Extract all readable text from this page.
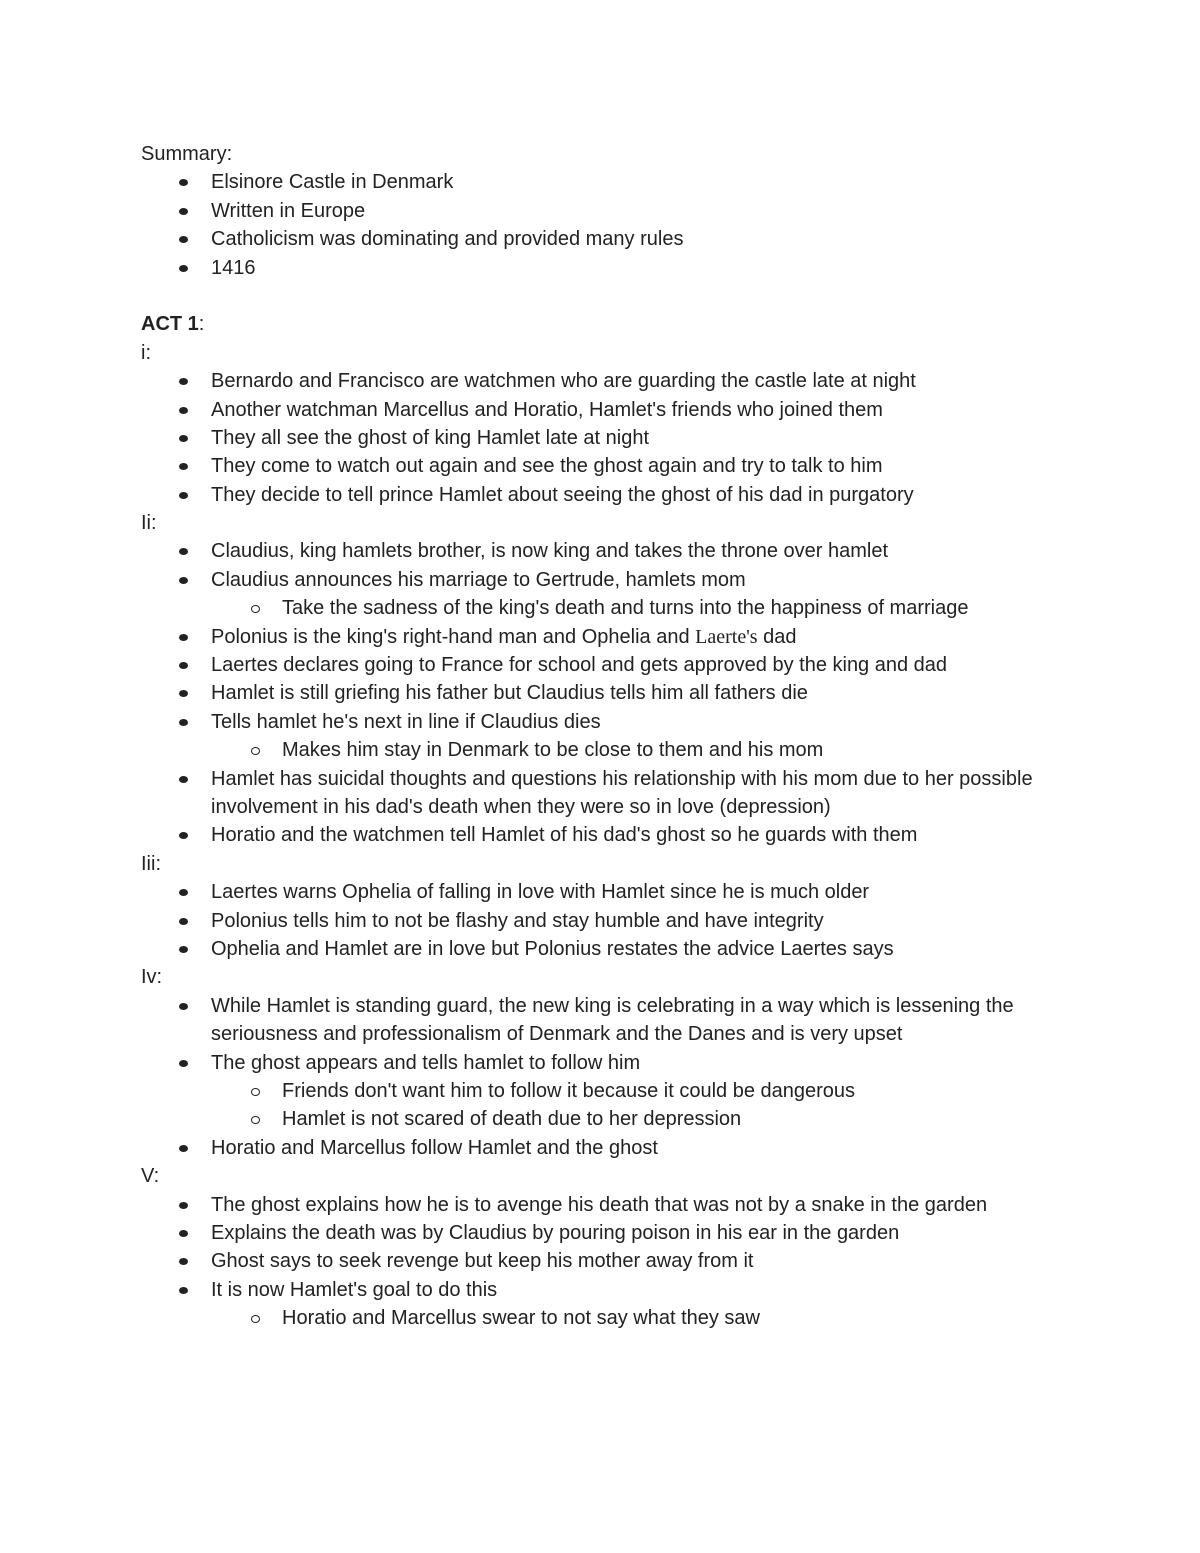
Summary:
Elsinore Castle in Denmark
Written in Europe
Catholicism was dominating and provided many rules
1416
ACT 1:
i:
Bernardo and Francisco are watchmen who are guarding the castle late at night
Another watchman Marcellus and Horatio, Hamlet's friends who joined them
They all see the ghost of king Hamlet late at night
They come to watch out again and see the ghost again and try to talk to him
They decide to tell prince Hamlet about seeing the ghost of his dad in purgatory
Ii:
Claudius, king hamlets brother, is now king and takes the throne over hamlet
Claudius announces his marriage to Gertrude, hamlets mom
Take the sadness of the king's death and turns into the happiness of marriage
Polonius is the king's right-hand man and Ophelia and Laerte's dad
Laertes declares going to France for school and gets approved by the king and dad
Hamlet is still griefing his father but Claudius tells him all fathers die
Tells hamlet he's next in line if Claudius dies
Makes him stay in Denmark to be close to them and his mom
Hamlet has suicidal thoughts and questions his relationship with his mom due to her possible involvement in his dad's death when they were so in love (depression)
Horatio and the watchmen tell Hamlet of his dad's ghost so he guards with them
Iii:
Laertes warns Ophelia of falling in love with Hamlet since he is much older
Polonius tells him to not be flashy and stay humble and have integrity
Ophelia and Hamlet are in love but Polonius restates the advice Laertes says
Iv:
While Hamlet is standing guard, the new king is celebrating in a way which is lessening the seriousness and professionalism of Denmark and the Danes and is very upset
The ghost appears and tells hamlet to follow him
Friends don't want him to follow it because it could be dangerous
Hamlet is not scared of death due to her depression
Horatio and Marcellus follow Hamlet and the ghost
V:
The ghost explains how he is to avenge his death that was not by a snake in the garden
Explains the death was by Claudius by pouring poison in his ear in the garden
Ghost says to seek revenge but keep his mother away from it
It is now Hamlet's goal to do this
Horatio and Marcellus swear to not say what they saw
